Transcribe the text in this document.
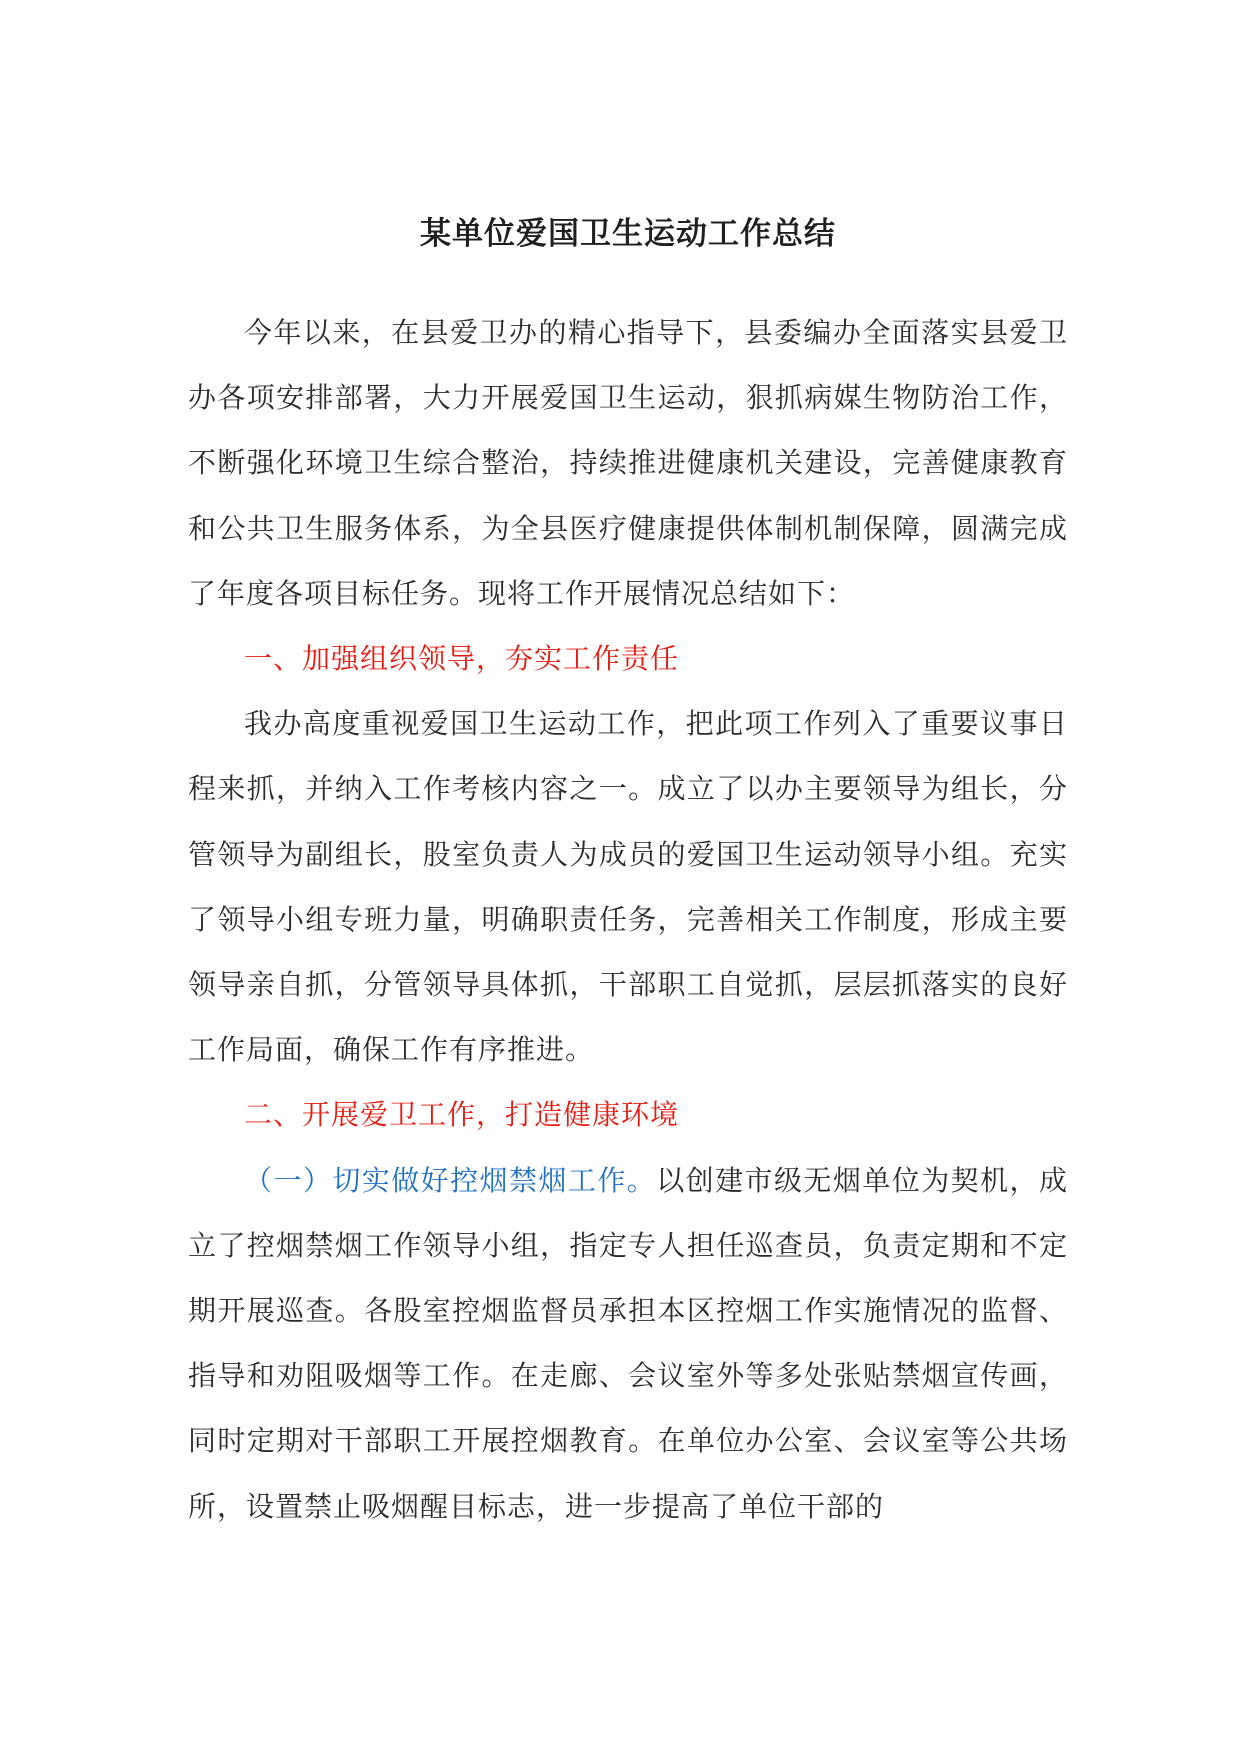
某单位爱国卫生运动工作总结

今年以来，在县爱卫办的精心指导下，县委编办全面落实县爱卫办各项安排部署，大力开展爱国卫生运动，狠抓病媒生物防治工作，不断强化环境卫生综合整治，持续推进健康机关建设，完善健康教育和公共卫生服务体系，为全县医疗健康提供体制机制保障，圆满完成了年度各项目标任务。现将工作开展情况总结如下：

一、加强组织领导，夯实工作责任

我办高度重视爱国卫生运动工作，把此项工作列入了重要议事日程来抓，并纳入工作考核内容之一。成立了以办主要领导为组长，分管领导为副组长，股室负责人为成员的爱国卫生运动领导小组。充实了领导小组专班力量，明确职责任务，完善相关工作制度，形成主要领导亲自抓，分管领导具体抓，干部职工自觉抓，层层抓落实的良好工作局面，确保工作有序推进。

二、开展爱卫工作，打造健康环境

（一）切实做好控烟禁烟工作。以创建市级无烟单位为契机，成立了控烟禁烟工作领导小组，指定专人担任巡查员，负责定期和不定期开展巡查。各股室控烟监督员承担本区控烟工作实施情况的监督、指导和劝阻吸烟等工作。在走廊、会议室外等多处张贴禁烟宣传画，同时定期对干部职工开展控烟教育。在单位办公室、会议室等公共场所，设置禁止吸烟醒目标志，进一步提高了单位干部的
